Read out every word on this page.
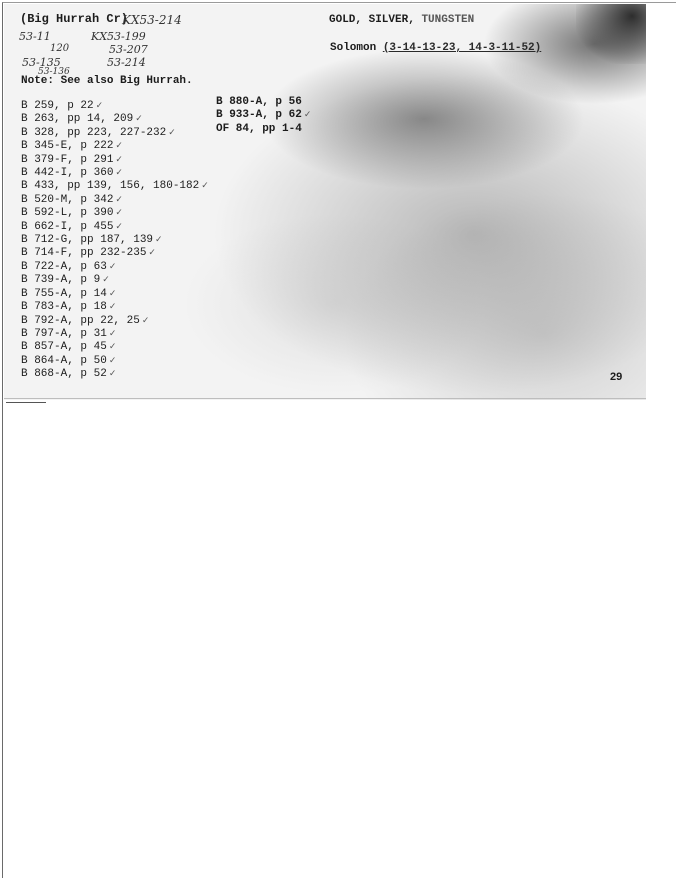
(Big Hurrah Cr)
KX53-214
53-11	KX53-199
120	53-207
53-135	53-214
53-136
Note: See also Big Hurrah.
GOLD, SILVER, TUNGSTEN
Solomon (3-14-13-23, 14-3-11-52)
B 259, p 22 ✓
B 263, pp 14, 209 ✓
B 328, pp 223, 227-232 ✓
B 345-E, p 222 ✓
B 379-F, p 291 ✓
B 442-I, p 360 ✓
B 433, pp 139, 156, 180-182 ✓
B 520-M, p 342 ✓
B 592-L, p 390 ✓
B 662-I, p 455 ✓
B 712-G, pp 187, 139 ✓
B 714-F, pp 232-235 ✓
B 722-A, p 63 ✓
B 739-A, p 9 ✓
B 755-A, p 14 ✓
B 783-A, p 18 ✓
B 792-A, pp 22, 25 ✓
B 797-A, p 31 ✓
B 857-A, p 45 ✓
B 864-A, p 50 ✓
B 868-A, p 52 ✓
B 880-A, p 56
B 933-A, p 62 ✓
OF 84, pp 1-4
29
